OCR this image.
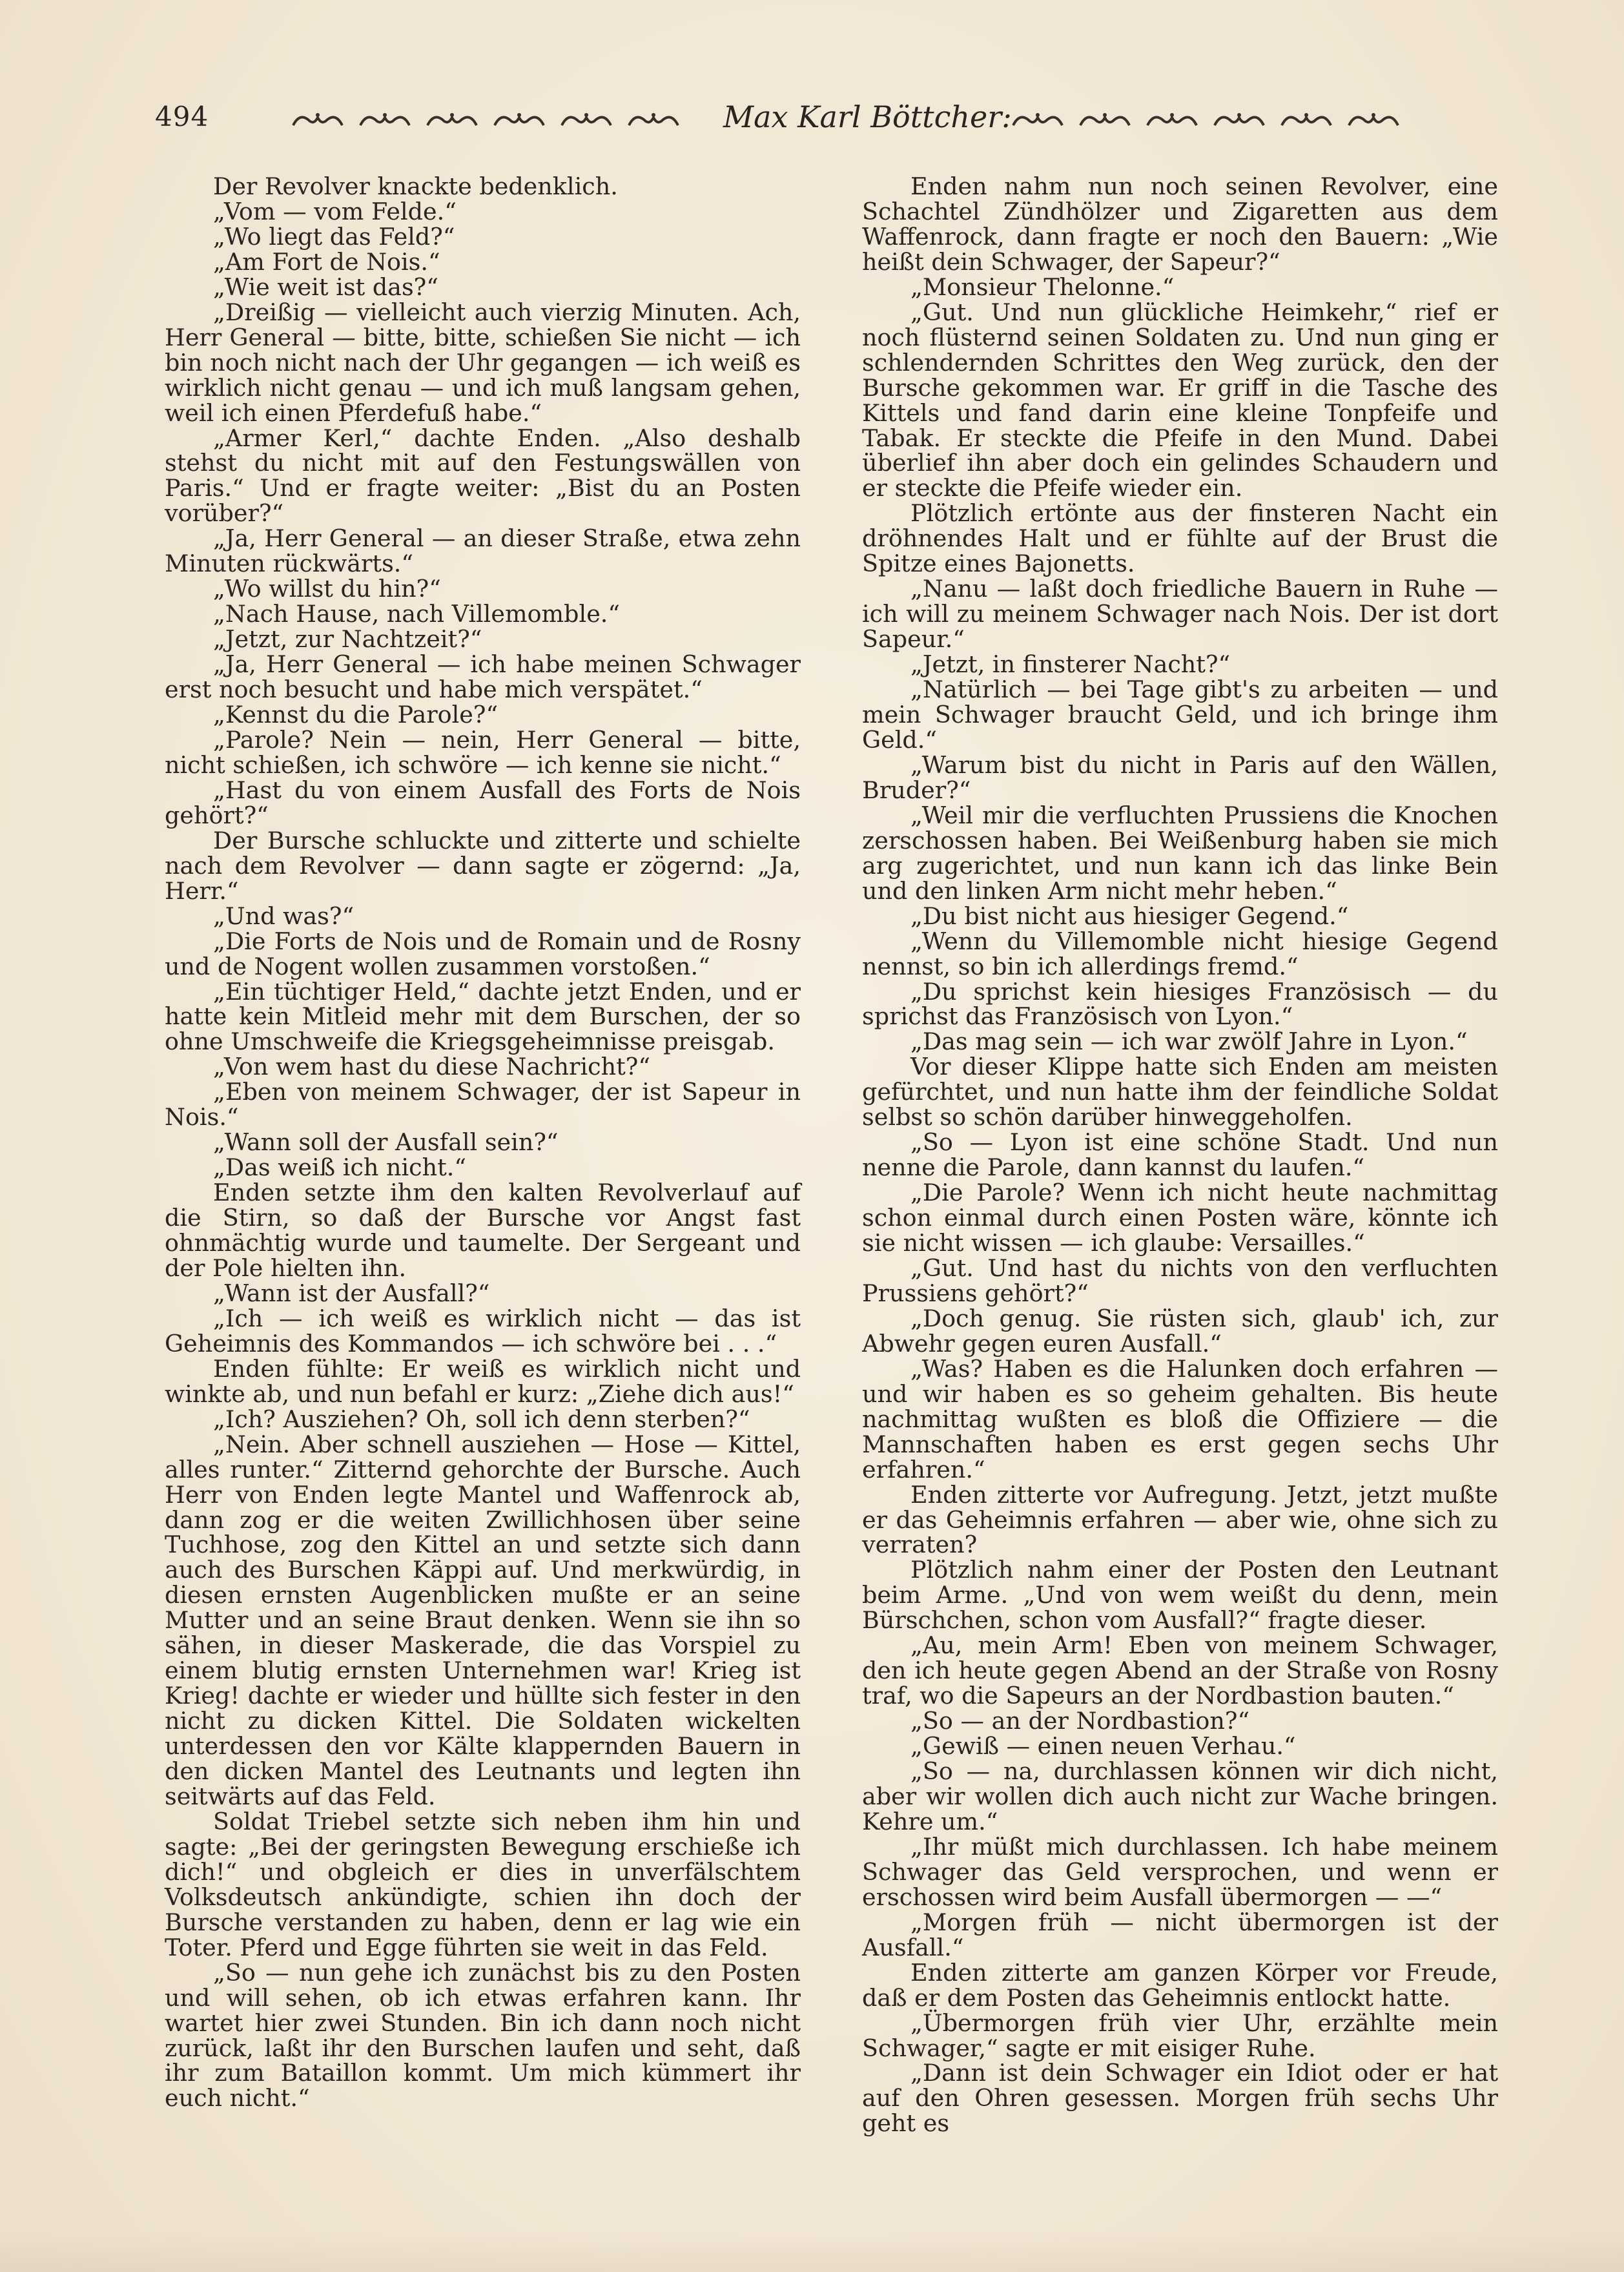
494	Max Karl Böttcher:

Der Revolver knackte bedenklich.

„Vom — vom Felde.“

„Wo liegt das Feld?“

„Am Fort de Nois.“

„Wie weit ist das?“

„Dreißig — vielleicht auch vierzig Minuten. Ach, Herr General — bitte, bitte, schießen Sie nicht — ich bin noch nicht nach der Uhr gegangen — ich weiß es wirklich nicht genau — und ich muß langsam gehen, weil ich einen Pferdefuß habe.“

„Armer Kerl,“ dachte Enden. „Also deshalb stehst du nicht mit auf den Festungswällen von Paris.“ Und er fragte weiter: „Bist du an Posten vorüber?“

„Ja, Herr General — an dieser Straße, etwa zehn Minuten rückwärts.“

„Wo willst du hin?“

„Nach Hause, nach Villemomble.“

„Jetzt, zur Nachtzeit?“

„Ja, Herr General — ich habe meinen Schwager erst noch besucht und habe mich verspätet.“

„Kennst du die Parole?“

„Parole? Nein — nein, Herr General — bitte, nicht schießen, ich schwöre — ich kenne sie nicht.“

„Hast du von einem Ausfall des Forts de Nois gehört?“

Der Bursche schluckte und zitterte und schielte nach dem Revolver — dann sagte er zögernd: „Ja, Herr.“

„Und was?“

„Die Forts de Nois und de Romain und de Rosny und de Nogent wollen zusammen vorstoßen.“

„Ein tüchtiger Held,“ dachte jetzt Enden, und er hatte kein Mitleid mehr mit dem Burschen, der so ohne Umschweife die Kriegsgeheimnisse preisgab.

„Von wem hast du diese Nachricht?“

„Eben von meinem Schwager, der ist Sapeur in Nois.“

„Wann soll der Ausfall sein?“

„Das weiß ich nicht.“

Enden setzte ihm den kalten Revolverlauf auf die Stirn, so daß der Bursche vor Angst fast ohnmächtig wurde und taumelte. Der Sergeant und der Pole hielten ihn.

„Wann ist der Ausfall?“

„Ich — ich weiß es wirklich nicht — das ist Geheimnis des Kommandos — ich schwöre bei . . .“

Enden fühlte: Er weiß es wirklich nicht und winkte ab, und nun befahl er kurz: „Ziehe dich aus!“

„Ich? Ausziehen? Oh, soll ich denn sterben?“

„Nein. Aber schnell ausziehen — Hose — Kittel, alles runter.“ Zitternd gehorchte der Bursche. Auch Herr von Enden legte Mantel und Waffenrock ab, dann zog er die weiten Zwillichhosen über seine Tuchhose, zog den Kittel an und setzte sich dann auch des Burschen Käppi auf. Und merkwürdig, in diesen ernsten Augenblicken mußte er an seine Mutter und an seine Braut denken. Wenn sie ihn so sähen, in dieser Maskerade, die das Vorspiel zu einem blutig ernsten Unternehmen war! Krieg ist Krieg! dachte er wieder und hüllte sich fester in den nicht zu dicken Kittel. Die Soldaten wickelten unterdessen den vor Kälte klappernden Bauern in den dicken Mantel des Leutnants und legten ihn seitwärts auf das Feld.

Soldat Triebel setzte sich neben ihm hin und sagte: „Bei der geringsten Bewegung erschieße ich dich!“ und obgleich er dies in unverfälschtem Volksdeutsch ankündigte, schien ihn doch der Bursche verstanden zu haben, denn er lag wie ein Toter. Pferd und Egge führten sie weit in das Feld.

„So — nun gehe ich zunächst bis zu den Posten und will sehen, ob ich etwas erfahren kann. Ihr wartet hier zwei Stunden. Bin ich dann noch nicht zurück, laßt ihr den Burschen laufen und seht, daß ihr zum Bataillon kommt. Um mich kümmert ihr euch nicht.“

Enden nahm nun noch seinen Revolver, eine Schachtel Zündhölzer und Zigaretten aus dem Waffenrock, dann fragte er noch den Bauern: „Wie heißt dein Schwager, der Sapeur?“

„Monsieur Thelonne.“

„Gut. Und nun glückliche Heimkehr,“ rief er noch flüsternd seinen Soldaten zu. Und nun ging er schlendernden Schrittes den Weg zurück, den der Bursche gekommen war. Er griff in die Tasche des Kittels und fand darin eine kleine Tonpfeife und Tabak. Er steckte die Pfeife in den Mund. Dabei überlief ihn aber doch ein gelindes Schaudern und er steckte die Pfeife wieder ein.

Plötzlich ertönte aus der finsteren Nacht ein dröhnendes Halt und er fühlte auf der Brust die Spitze eines Bajonetts.

„Nanu — laßt doch friedliche Bauern in Ruhe — ich will zu meinem Schwager nach Nois. Der ist dort Sapeur.“

„Jetzt, in finsterer Nacht?“

„Natürlich — bei Tage gibt's zu arbeiten — und mein Schwager braucht Geld, und ich bringe ihm Geld.“

„Warum bist du nicht in Paris auf den Wällen, Bruder?“

„Weil mir die verfluchten Prussiens die Knochen zerschossen haben. Bei Weißenburg haben sie mich arg zugerichtet, und nun kann ich das linke Bein und den linken Arm nicht mehr heben.“

„Du bist nicht aus hiesiger Gegend.“

„Wenn du Villemomble nicht hiesige Gegend nennst, so bin ich allerdings fremd.“

„Du sprichst kein hiesiges Französisch — du sprichst das Französisch von Lyon.“

„Das mag sein — ich war zwölf Jahre in Lyon.“

Vor dieser Klippe hatte sich Enden am meisten gefürchtet, und nun hatte ihm der feindliche Soldat selbst so schön darüber hinweggeholfen.

„So — Lyon ist eine schöne Stadt. Und nun nenne die Parole, dann kannst du laufen.“

„Die Parole? Wenn ich nicht heute nachmittag schon einmal durch einen Posten wäre, könnte ich sie nicht wissen — ich glaube: Versailles.“

„Gut. Und hast du nichts von den verfluchten Prussiens gehört?“

„Doch genug. Sie rüsten sich, glaub' ich, zur Abwehr gegen euren Ausfall.“

„Was? Haben es die Halunken doch erfahren — und wir haben es so geheim gehalten. Bis heute nachmittag wußten es bloß die Offiziere — die Mannschaften haben es erst gegen sechs Uhr erfahren.“

Enden zitterte vor Aufregung. Jetzt, jetzt mußte er das Geheimnis erfahren — aber wie, ohne sich zu verraten?

Plötzlich nahm einer der Posten den Leutnant beim Arme. „Und von wem weißt du denn, mein Bürschchen, schon vom Ausfall?“ fragte dieser.

„Au, mein Arm! Eben von meinem Schwager, den ich heute gegen Abend an der Straße von Rosny traf, wo die Sapeurs an der Nordbastion bauten.“

„So — an der Nordbastion?“

„Gewiß — einen neuen Verhau.“

„So — na, durchlassen können wir dich nicht, aber wir wollen dich auch nicht zur Wache bringen. Kehre um.“

„Ihr müßt mich durchlassen. Ich habe meinem Schwager das Geld versprochen, und wenn er erschossen wird beim Ausfall übermorgen — —“

„Morgen früh — nicht übermorgen ist der Ausfall.“

Enden zitterte am ganzen Körper vor Freude, daß er dem Posten das Geheimnis entlockt hatte.

„Übermorgen früh vier Uhr, erzählte mein Schwager,“ sagte er mit eisiger Ruhe.

„Dann ist dein Schwager ein Idiot oder er hat auf den Ohren gesessen. Morgen früh sechs Uhr geht es
